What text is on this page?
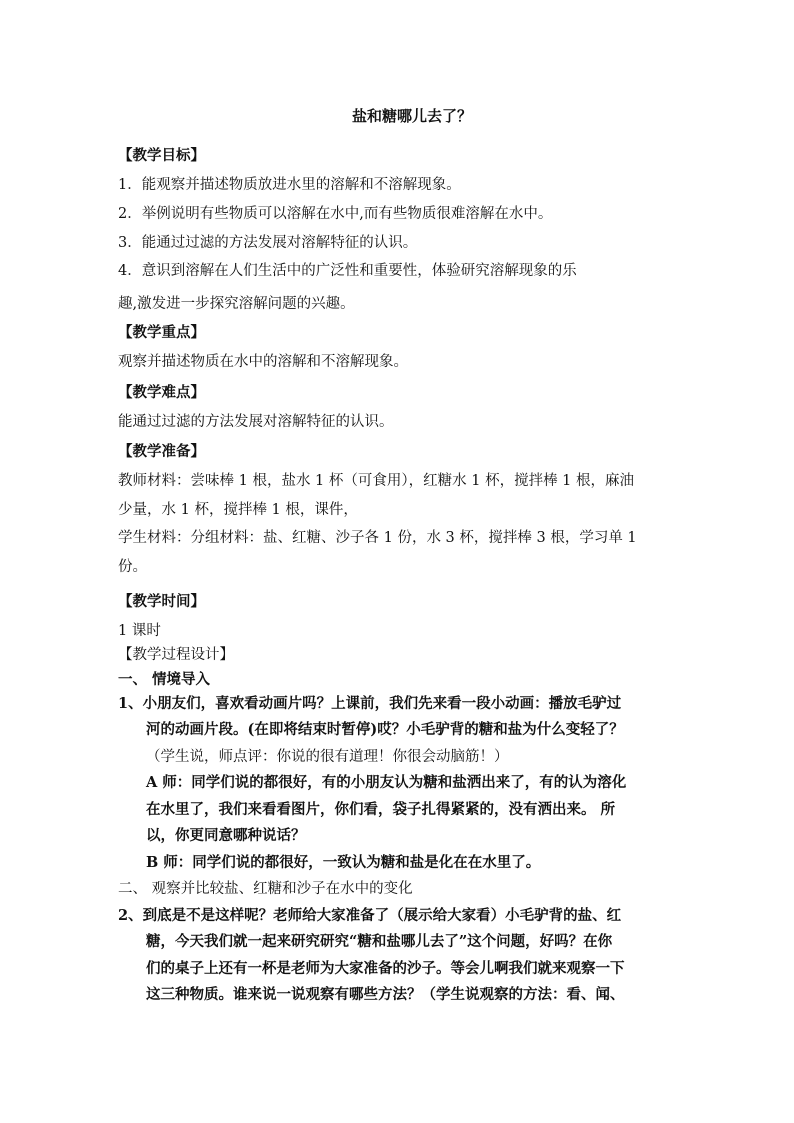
盐和糖哪儿去了？
【教学目标】
1．能观察并描述物质放进水里的溶解和不溶解现象。
2．举例说明有些物质可以溶解在水中,而有些物质很难溶解在水中。
3．能通过过滤的方法发展对溶解特征的认识。
4．意识到溶解在人们生活中的广泛性和重要性，体验研究溶解现象的乐
趣,激发进一步探究溶解问题的兴趣。
【教学重点】
观察并描述物质在水中的溶解和不溶解现象。
【教学难点】
能通过过滤的方法发展对溶解特征的认识。
【教学准备】
教师材料：尝味棒 1 根，盐水 1 杯（可食用），红糖水 1 杯，搅拌棒 1 根，麻油
少量，水 1 杯，搅拌棒 1 根，课件，
学生材料：分组材料：盐、红糖、沙子各 1 份，水 3 杯，搅拌棒 3 根，学习单 1
份。
【教学时间】
1 课时
【教学过程设计】
一、 情境导入
1、小朋友们，喜欢看动画片吗？上课前，我们先来看一段小动画：播放毛驴过
河的动画片段。(在即将结束时暂停)哎？小毛驴背的糖和盐为什么变轻了？
（学生说，师点评：你说的很有道理！你很会动脑筋！）
A 师：同学们说的都很好，有的小朋友认为糖和盐洒出来了，有的认为溶化
在水里了，我们来看看图片，你们看，袋子扎得紧紧的，没有洒出来。 所
以，你更同意哪种说话？
B 师：同学们说的都很好，一致认为糖和盐是化在在水里了。
二、 观察并比较盐、红糖和沙子在水中的变化
2、到底是不是这样呢？老师给大家准备了（展示给大家看）小毛驴背的盐、红
糖，今天我们就一起来研究研究“糖和盐哪儿去了”这个问题，好吗？在你
们的桌子上还有一杯是老师为大家准备的沙子。等会儿啊我们就来观察一下
这三种物质。谁来说一说观察有哪些方法？（学生说观察的方法：看、闻、
